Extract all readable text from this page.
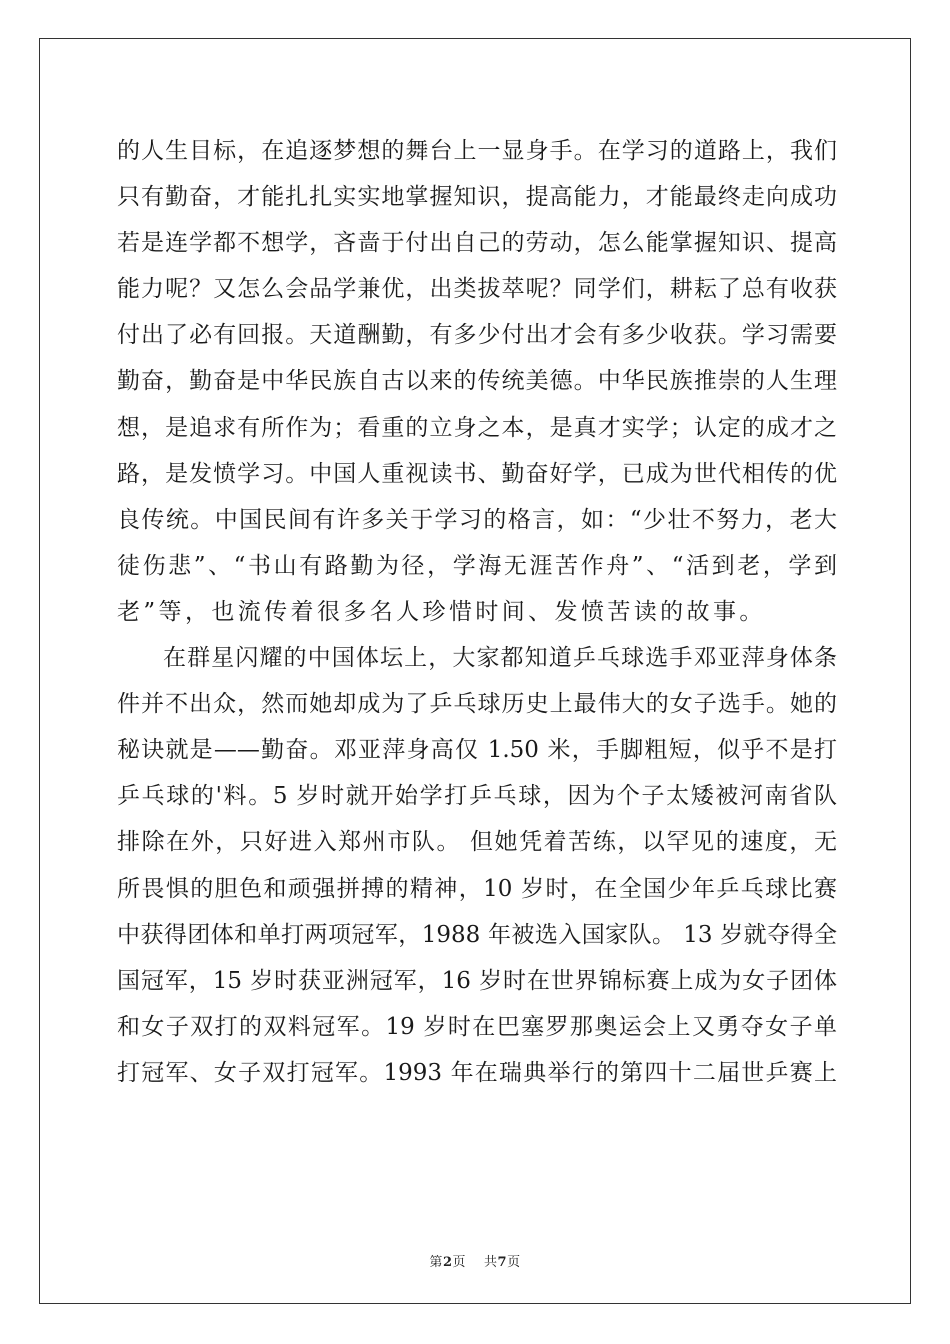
的人生目标，在追逐梦想的舞台上一显身手。在学习的道路上，我们
只有勤奋，才能扎扎实实地掌握知识，提高能力，才能最终走向成功
若是连学都不想学，吝啬于付出自己的劳动，怎么能掌握知识、提高
能力呢？又怎么会品学兼优，出类拔萃呢？同学们，耕耘了总有收获
付出了必有回报。天道酬勤，有多少付出才会有多少收获。学习需要
勤奋，勤奋是中华民族自古以来的传统美德。中华民族推崇的人生理
想，是追求有所作为；看重的立身之本，是真才实学；认定的成才之
路，是发愤学习。中国人重视读书、勤奋好学，已成为世代相传的优
良传统。中国民间有许多关于学习的格言，如：“少壮不努力，老大
徒伤悲”、“书山有路勤为径，学海无涯苦作舟”、“活到老，学到
老”等，也流传着很多名人珍惜时间、发愤苦读的故事。
在群星闪耀的中国体坛上，大家都知道乒乓球选手邓亚萍身体条
件并不出众，然而她却成为了乒乓球历史上最伟大的女子选手。她的
秘诀就是——勤奋。邓亚萍身高仅 1.50 米，手脚粗短，似乎不是打
乒乓球的'料。5 岁时就开始学打乒乓球，因为个子太矮被河南省队
排除在外，只好进入郑州市队。 但她凭着苦练，以罕见的速度，无
所畏惧的胆色和顽强拼搏的精神，10 岁时，在全国少年乒乓球比赛
中获得团体和单打两项冠军，1988 年被选入国家队。 13 岁就夺得全
国冠军，15 岁时获亚洲冠军，16 岁时在世界锦标赛上成为女子团体
和女子双打的双料冠军。19 岁时在巴塞罗那奥运会上又勇夺女子单
打冠军、女子双打冠军。1993 年在瑞典举行的第四十二届世乒赛上
第2页 共7页
